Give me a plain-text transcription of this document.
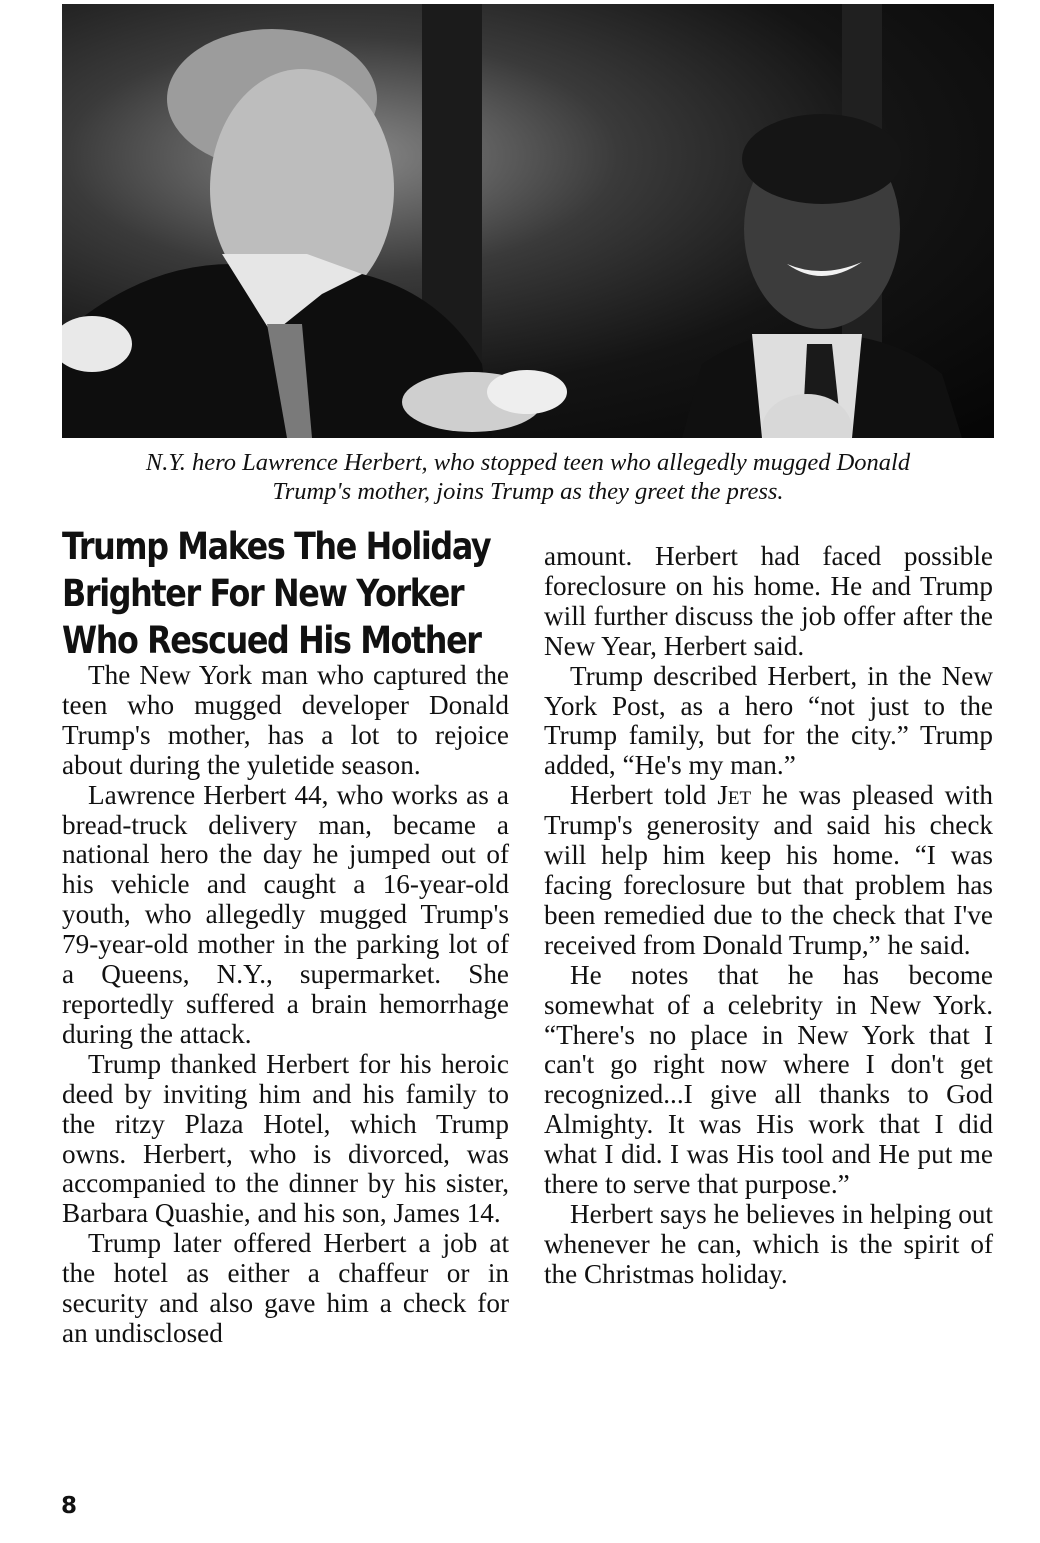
N.Y. hero Lawrence Herbert, who stopped teen who allegedly mugged Donald
Trump's mother, joins Trump as they greet the press.
Trump Makes The Holiday
Brighter For New Yorker
Who Rescued His Mother

The New York man who captured the teen who mugged developer Donald Trump's mother, has a lot to rejoice about during the yuletide season.

Lawrence Herbert 44, who works as a bread-truck delivery man, became a national hero the day he jumped out of his vehicle and caught a 16-year-old youth, who allegedly mugged Trump's 79-year-old mother in the parking lot of a Queens, N.Y., supermarket. She reportedly suffered a brain hemorrhage during the attack.

Trump thanked Herbert for his heroic deed by inviting him and his family to the ritzy Plaza Hotel, which Trump owns. Herbert, who is divorced, was accompanied to the dinner by his sister, Barbara Quashie, and his son, James 14.

Trump later offered Herbert a job at the hotel as either a chaffeur or in security and also gave him a check for an undisclosed

amount. Herbert had faced possible foreclosure on his home. He and Trump will further discuss the job offer after the New Year, Herbert said.

Trump described Herbert, in the New York Post, as a hero “not just to the Trump family, but for the city.” Trump added, “He's my man.”

Herbert told Jet he was pleased with Trump's generosity and said his check will help him keep his home. “I was facing foreclosure but that problem has been remedied due to the check that I've received from Donald Trump,” he said.

He notes that he has become somewhat of a celebrity in New York. “There's no place in New York that I can't go right now where I don't get recognized...I give all thanks to God Almighty. It was His work that I did what I did. I was His tool and He put me there to serve that purpose.”

Herbert says he believes in helping out whenever he can, which is the spirit of the Christmas holiday.

8
